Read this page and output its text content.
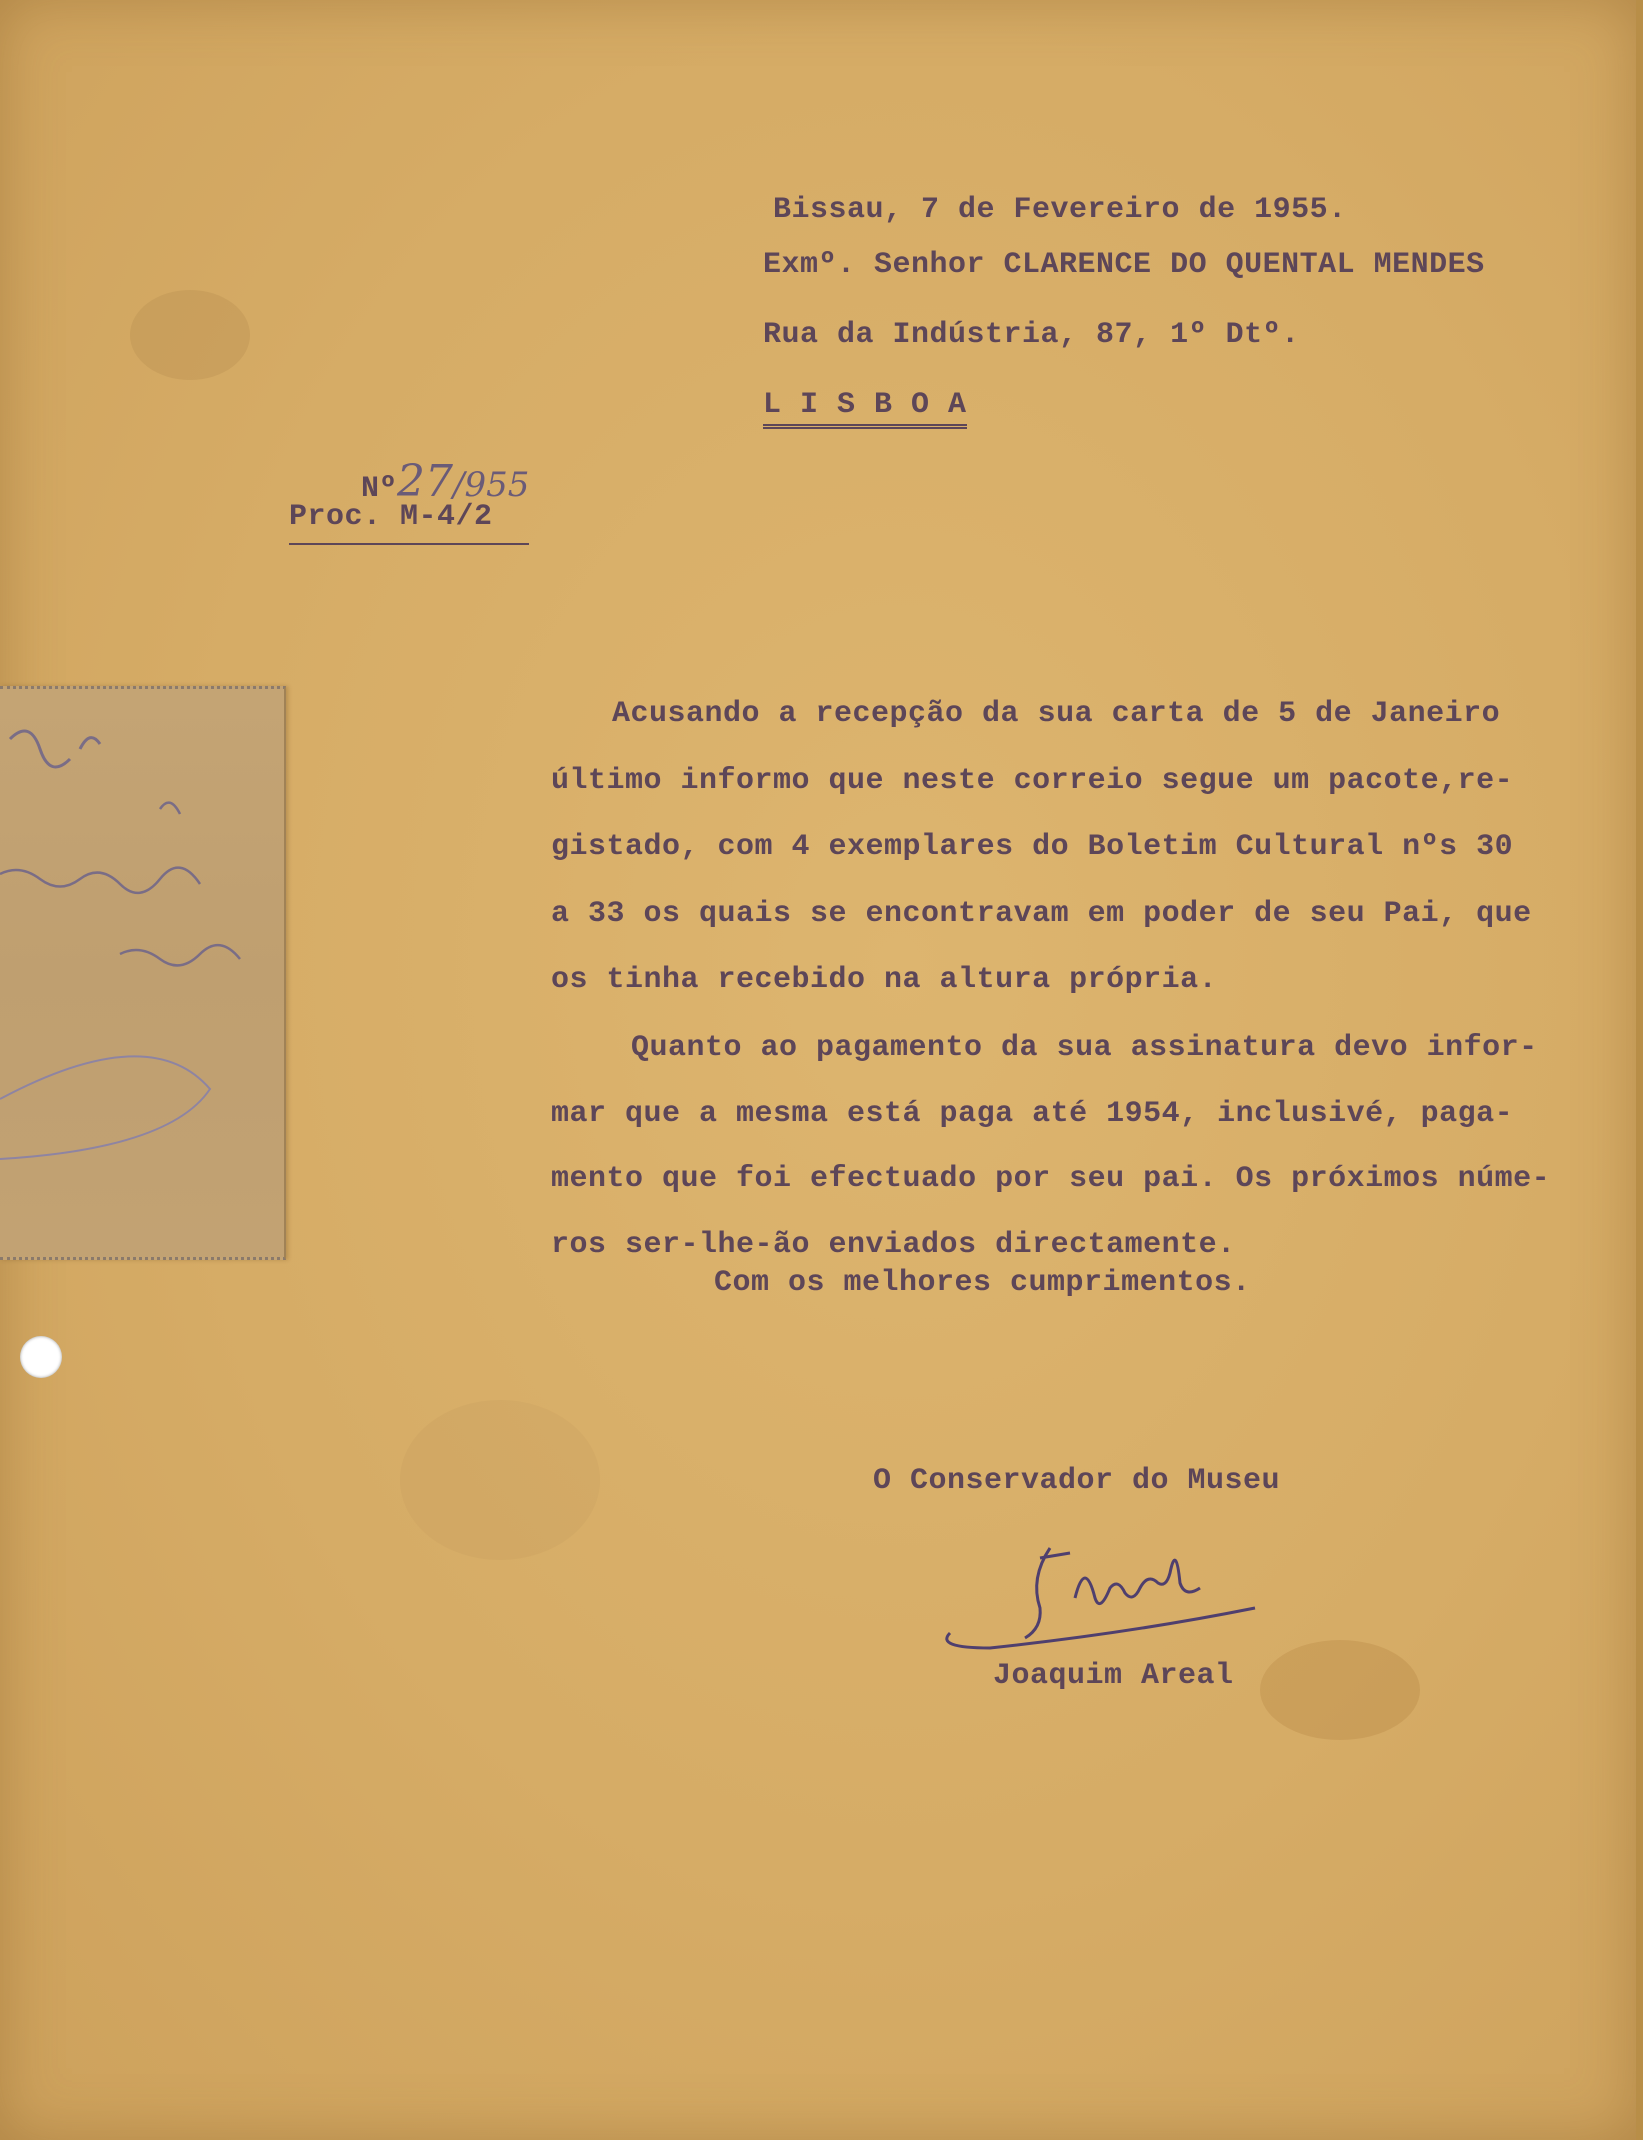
Bissau, 7 de Fevereiro de 1955.
Exmº. Senhor CLARENCE DO QUENTAL MENDES
Rua da Indústria, 87, 1º Dtº.
L I S B O A

Nº27/955

Proc. M-4/2
Acusando a recepção da sua carta de 5 de Janeiro
último informo que neste correio segue um pacote,re-
gistado, com 4 exemplares do Boletim Cultural nºs 30
a 33 os quais se encontravam em poder de seu Pai, que
os tinha recebido na altura própria.
Quanto ao pagamento da sua assinatura devo infor-
mar que a mesma está paga até 1954, inclusivé, paga-
mento que foi efectuado por seu pai. Os próximos núme-
ros ser-lhe-ão enviados directamente.
Com os melhores cumprimentos.
O Conservador do Museu
Joaquim Areal
